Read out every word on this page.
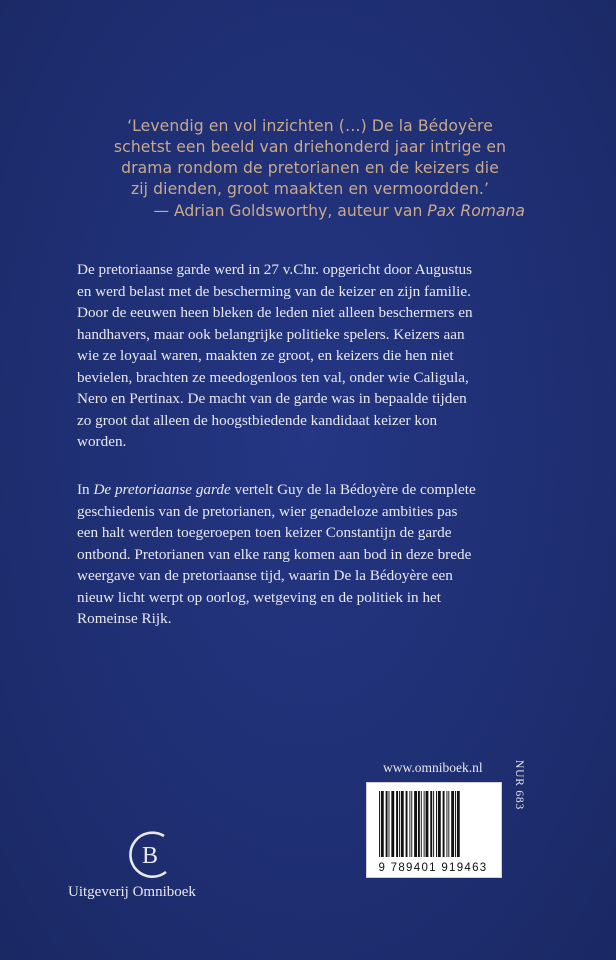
‘Levendig en vol inzichten (…) De la Bédoyère
schetst een beeld van driehonderd jaar intrige en
drama rondom de pretorianen en de keizers die
zij dienden, groot maakten en vermoordden.’
— Adrian Goldsworthy, auteur van Pax Romana
De pretoriaanse garde werd in 27 v.Chr. opgericht door Augustus
en werd belast met de bescherming van de keizer en zijn familie.
Door de eeuwen heen bleken de leden niet alleen beschermers en
handhavers, maar ook belangrijke politieke spelers. Keizers aan
wie ze loyaal waren, maakten ze groot, en keizers die hen niet
bevielen, brachten ze meedogenloos ten val, onder wie Caligula,
Nero en Pertinax. De macht van de garde was in bepaalde tijden
zo groot dat alleen de hoogstbiedende kandidaat keizer kon
worden.
In De pretoriaanse garde vertelt Guy de la Bédoyère de complete
geschiedenis van de pretorianen, wier genadeloze ambities pas
een halt werden toegeroepen toen keizer Constantijn de garde
ontbond. Pretorianen van elke rang komen aan bod in deze brede
weergave van de pretoriaanse tijd, waarin De la Bédoyère een
nieuw licht werpt op oorlog, wetgeving en de politiek in het
Romeinse Rijk.
www.omniboek.nl	NUR 683
9 789401 919463
B
Uitgeverij Omniboek
